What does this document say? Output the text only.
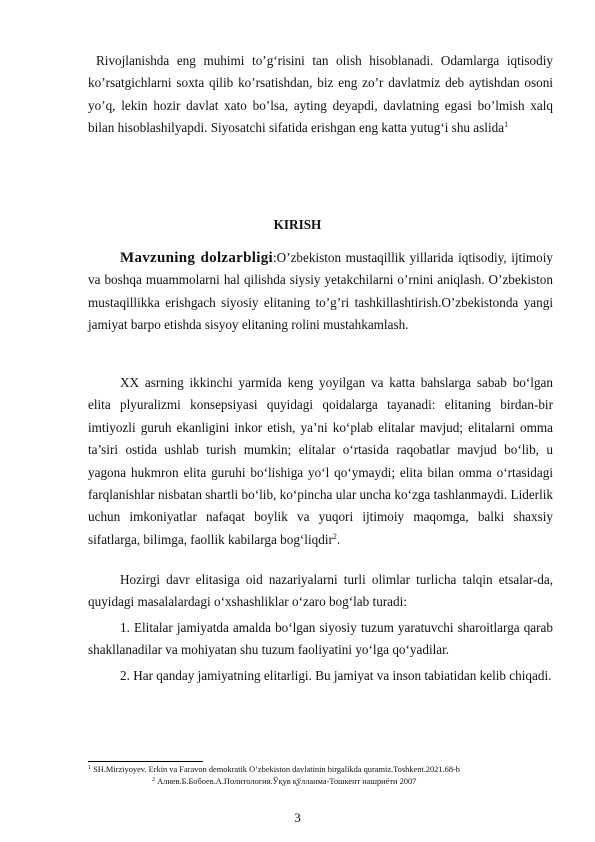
Rivojlanishda eng muhimi to’g‘risini tan olish hisoblanadi. Odamlarga iqtisodiy ko’rsatgichlarni soxta qilib ko’rsatishdan, biz eng zo’r davlatmiz deb aytishdan osoni yo’q, lekin hozir davlat xato bo’lsa, ayting deyapdi, davlatning egasi bo’lmish xalq bilan hisoblashilyapdi. Siyosatchi sifatida erishgan eng katta yutug‘i shu aslida$^1$

KIRISH

Mavzuning dolzarbligi:O’zbekiston mustaqillik yillarida iqtisodiy, ijtimoiy va boshqa muammolarni hal qilishda siysiy yetakchilarni o’rnini aniqlash. O’zbekiston mustaqillikka erishgach siyosiy elitaning to’g’ri tashkillashtirish.O’zbekistonda yangi jamiyat barpo etishda sisyoy elitaning rolini mustahkamlash.

XX asrning ikkinchi yarmida keng yoyilgan va katta bahslarga sabab bo‘lgan elita plyuralizmi konsepsiyasi quyidagi qoidalarga tayanadi: elitaning birdan-bir imtiyozli guruh ekanligini inkor etish, ya’ni ko‘plab elitalar mavjud; elitalarni omma ta’siri ostida ushlab turish mumkin; elitalar o‘rtasida raqobatlar mavjud bo‘lib, u yagona hukmron elita guruhi bo‘lishiga yo‘l qo‘ymaydi; elita bilan omma o‘rtasidagi farqlanishlar nisbatan shartli bo‘lib, ko‘pincha ular uncha ko‘zga tashlanmaydi. Liderlik uchun imkoniyatlar nafaqat boylik va yuqori ijtimoiy maqomga, balki shaxsiy sifatlarga, bilimga, faollik kabilarga bog‘liqdir$^2$.

Hozirgi davr elitasiga oid nazariyalarni turli olimlar turlicha talqin etsalar-da, quyidagi masalalardagi o‘xshashliklar o‘zaro bog‘lab turadi:

1. Elitalar jamiyatda amalda bo‘lgan siyosiy tuzum yaratuvchi sharoitlarga qarab shakllanadilar va mohiyatan shu tuzum faoliyatini yo‘lga qo‘yadilar.

2. Har qanday jamiyatning elitarligi. Bu jamiyat va inson tabiatidan kelib chiqadi.

$^1$ SH.Mirziyoyev. Erkin va Faravon demokratik O’zbekiston davlatinin birgalikda quramiz.Toshkent.2021.68-b
$^2$ Алиев.Б.Бобоев.А.Политология.Ўқув қўлланма-Тошкент нашриёти 2007
3
